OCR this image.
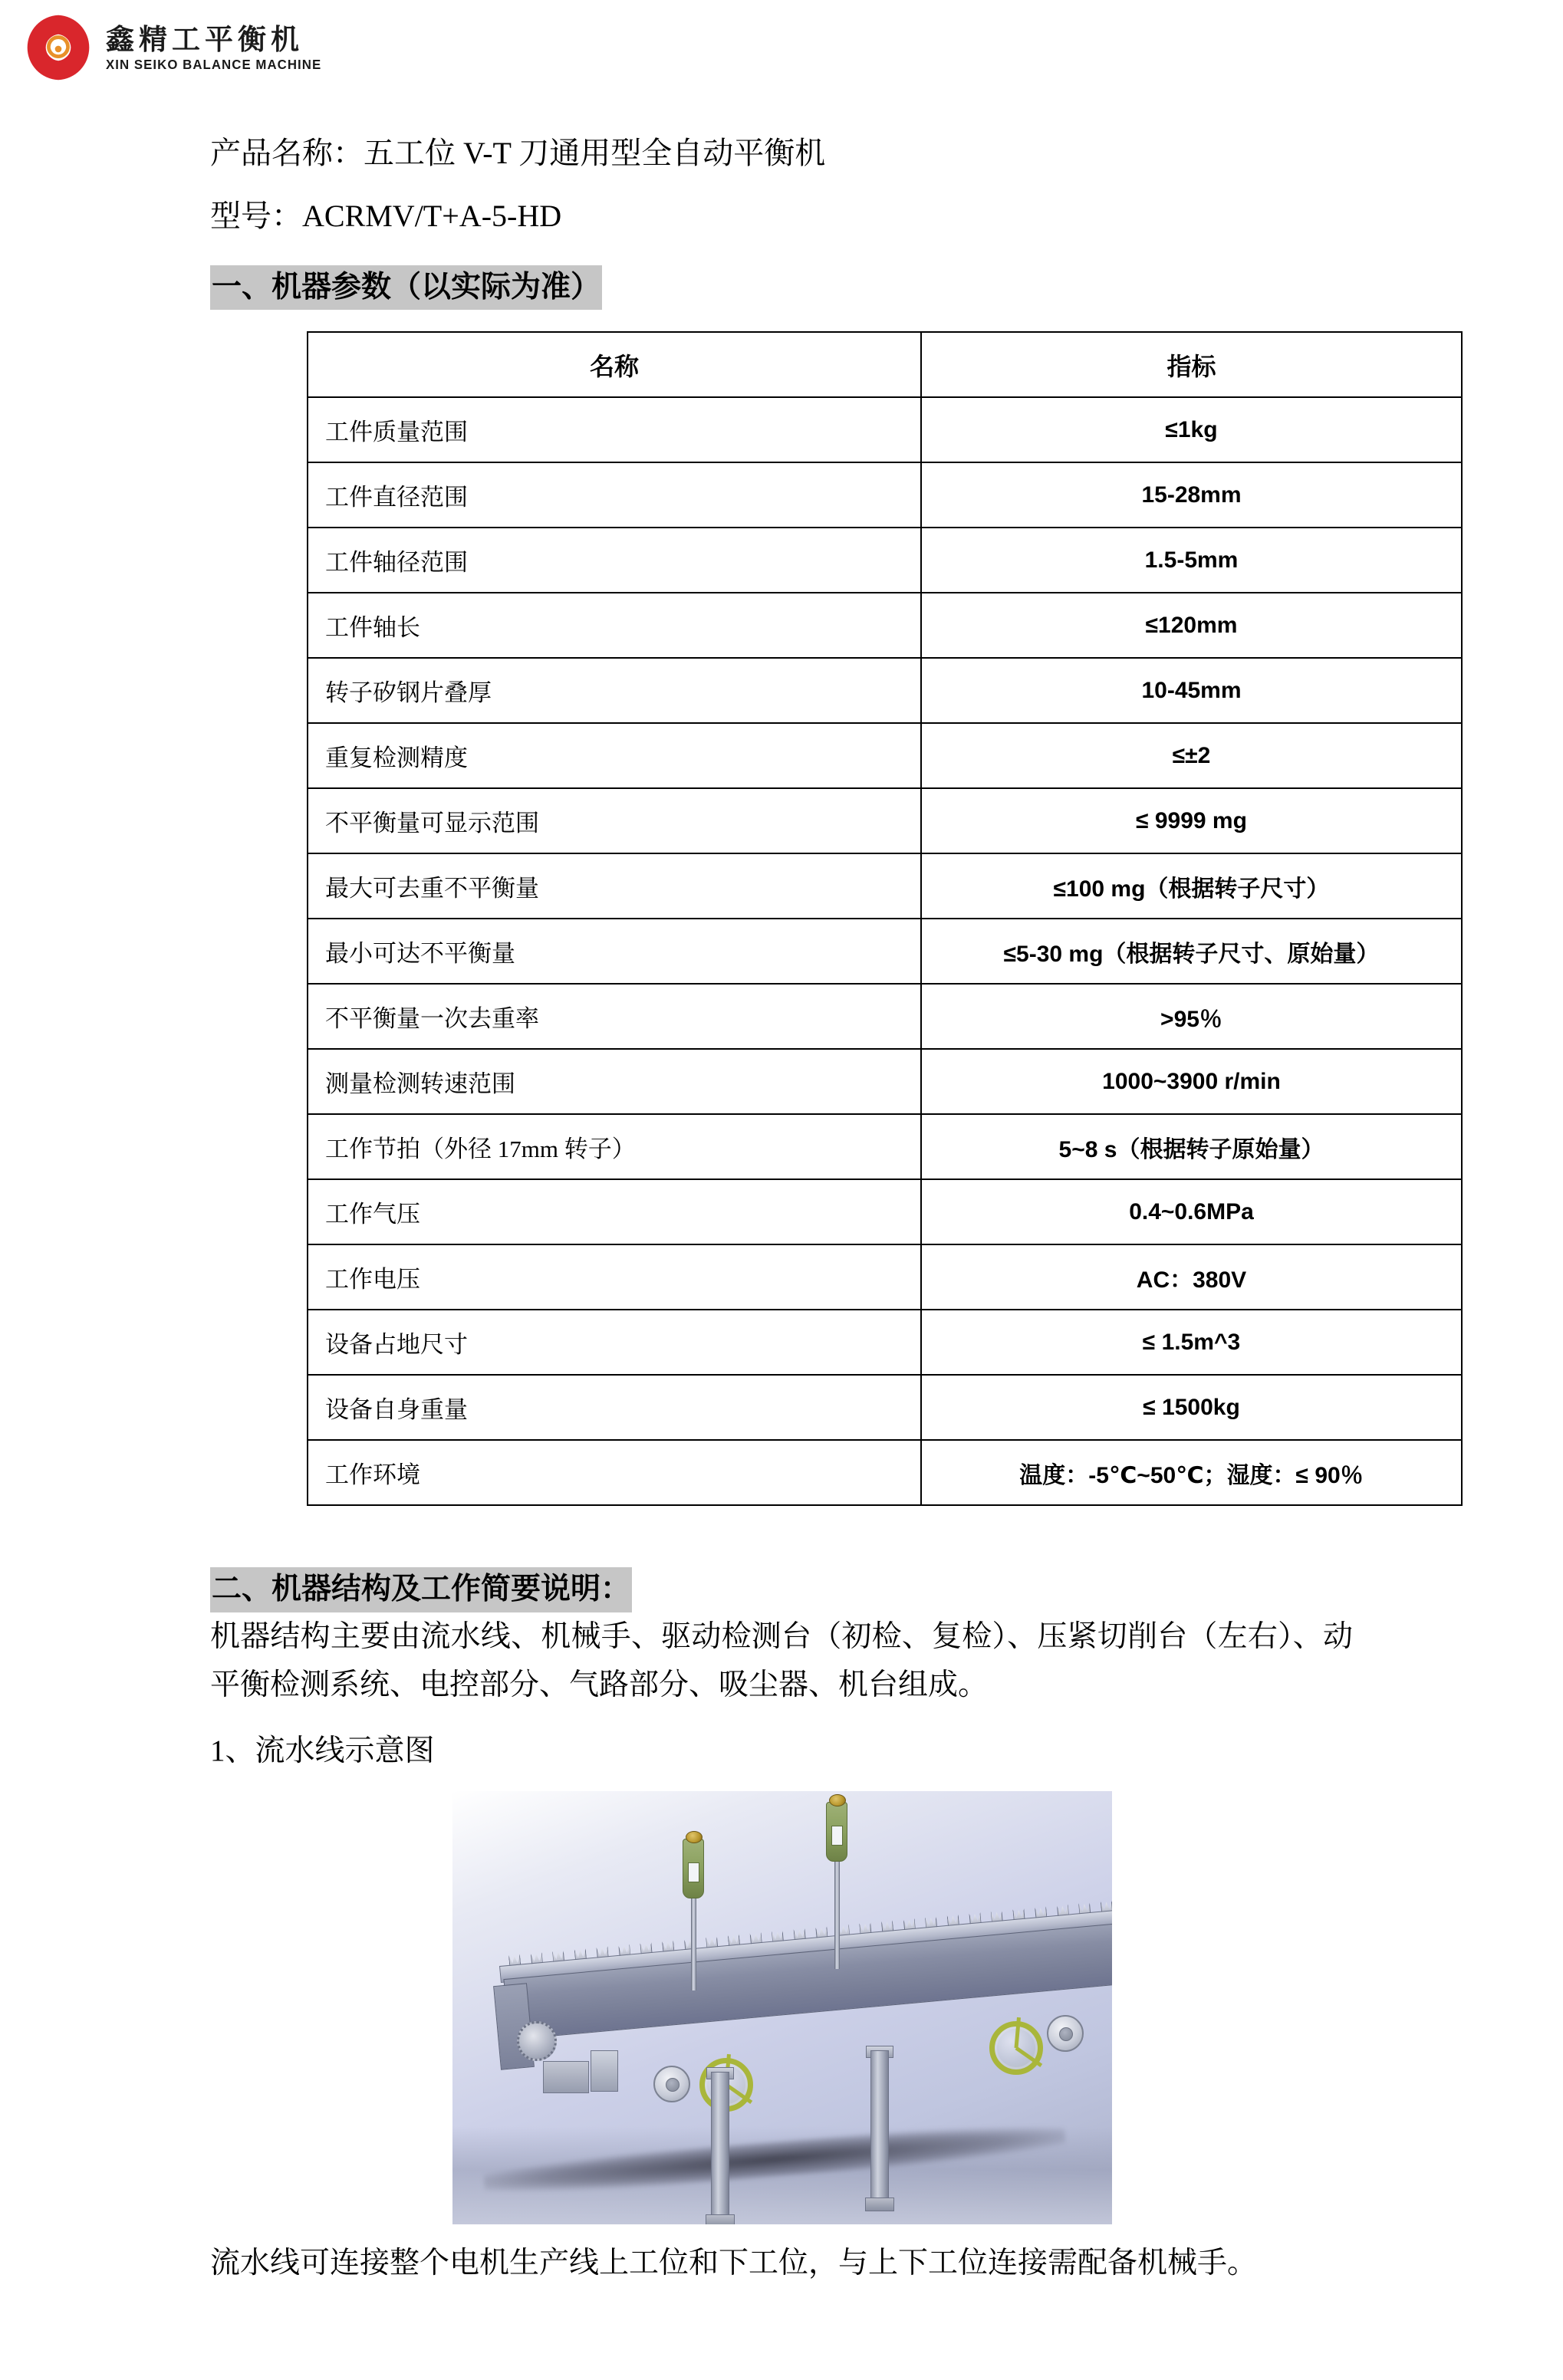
鑫精工平衡机
XIN SEIKO BALANCE MACHINE
产品名称：五工位 V-T 刀通用型全自动平衡机
型号：ACRMV/T+A-5-HD
一、机器参数（以实际为准）
名称	指标
工件质量范围	≤1kg
工件直径范围	15-28mm
工件轴径范围	1.5-5mm
工件轴长	≤120mm
转子矽钢片叠厚	10-45mm
重复检测精度	≤±2
不平衡量可显示范围	≤ 9999 mg
最大可去重不平衡量	≤100 mg（根据转子尺寸）
最小可达不平衡量	≤5-30 mg（根据转子尺寸、原始量）
不平衡量一次去重率	>95％
测量检测转速范围	1000~3900 r/min
工作节拍（外径 17mm 转子）	5~8 s（根据转子原始量）
工作气压	0.4~0.6MPa
工作电压	AC：380V
设备占地尺寸	≤ 1.5m^3
设备自身重量	≤ 1500kg
工作环境	温度：-5℃~50℃；湿度：≤ 90％
二、机器结构及工作简要说明：

机器结构主要由流水线、机械手、驱动检测台（初检、复检）、压紧切削台（左右）、动平衡检测系统、电控部分、气路部分、吸尘器、机台组成。

1、流水线示意图

流水线可连接整个电机生产线上工位和下工位，与上下工位连接需配备机械手。
